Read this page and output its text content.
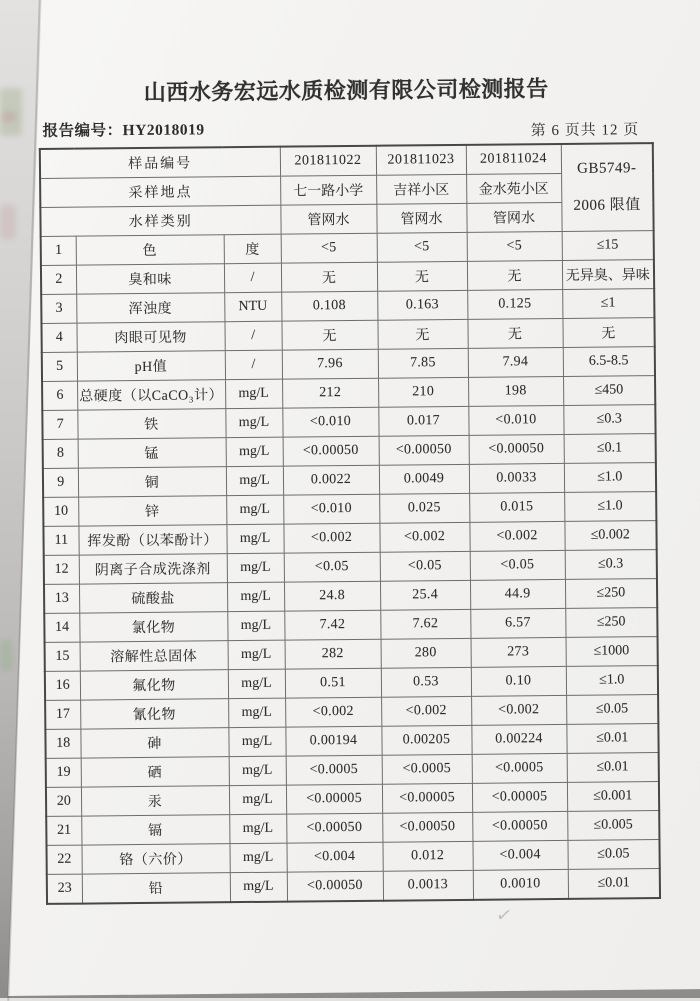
山西水务宏远水质检测有限公司检测报告
报告编号：HY2018019	第 6 页共 12 页
样品编号			201811022	201811023	201811024	GB5749-
2006 限值

采样地点			七一路小学	吉祥小区	金水苑小区	
水样类别			管网水	管网水	管网水	
1	色	度	<5	<5	<5	≤15
2	臭和味	/	无	无	无	无异臭、异味
3	浑浊度	NTU	0.108	0.163	0.125	≤1
4	肉眼可见物	/	无	无	无	无
5	pH值	/	7.96	7.85	7.94	6.5-8.5
6	总硬度（以CaCO₃计）	mg/L	212	210	198	≤450
7	铁	mg/L	<0.010	0.017	<0.010	≤0.3
8	锰	mg/L	<0.00050	<0.00050	<0.00050	≤0.1
9	铜	mg/L	0.0022	0.0049	0.0033	≤1.0
10	锌	mg/L	<0.010	0.025	0.015	≤1.0
11	挥发酚（以苯酚计）	mg/L	<0.002	<0.002	<0.002	≤0.002
12	阴离子合成洗涤剂	mg/L	<0.05	<0.05	<0.05	≤0.3
13	硫酸盐	mg/L	24.8	25.4	44.9	≤250
14	氯化物	mg/L	7.42	7.62	6.57	≤250
15	溶解性总固体	mg/L	282	280	273	≤1000
16	氟化物	mg/L	0.51	0.53	0.10	≤1.0
17	氰化物	mg/L	<0.002	<0.002	<0.002	≤0.05
18	砷	mg/L	0.00194	0.00205	0.00224	≤0.01
19	硒	mg/L	<0.0005	<0.0005	<0.0005	≤0.01
20	汞	mg/L	<0.00005	<0.00005	<0.00005	≤0.001
21	镉	mg/L	<0.00050	<0.00050	<0.00050	≤0.005
22	铬（六价）	mg/L	<0.004	0.012	<0.004	≤0.05
23	铅	mg/L	<0.00050	0.0013	0.0010	≤0.01
✓
